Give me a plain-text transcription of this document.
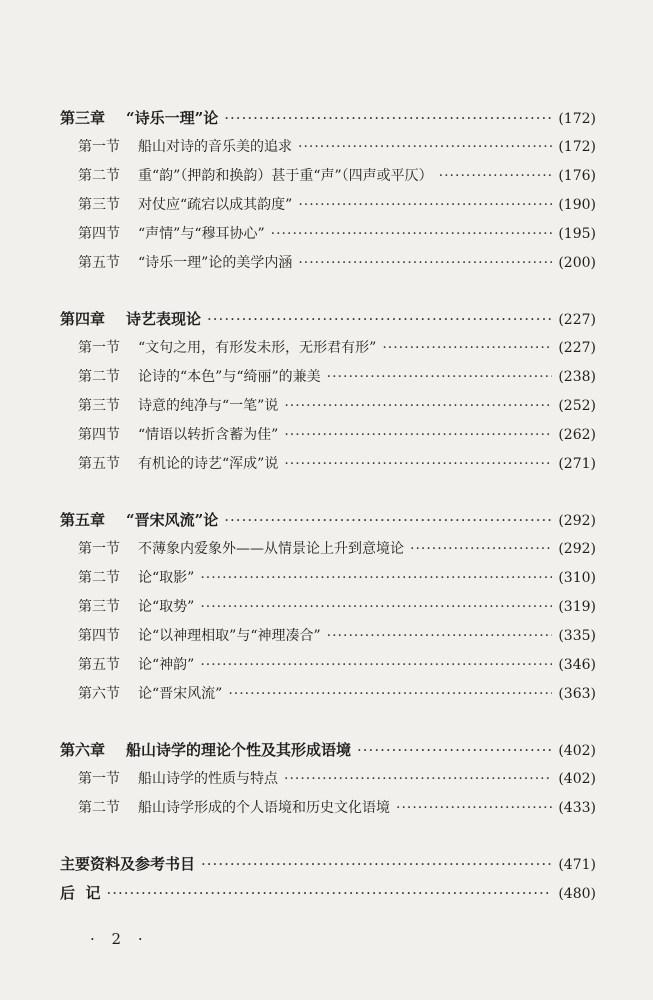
第三章	“诗乐一理”论 ·····	(172)
第一节	船山对诗的音乐美的追求 ·····	(172)
第二节	重“韵”（押韵和换韵）甚于重“声”（四声或平仄） ·····	(176)
第三节	对仗应“疏宕以成其韵度” ·····	(190)
第四节	“声情”与“穆耳协心” ·····	(195)
第五节	“诗乐一理”论的美学内涵 ·····	(200)
第四章	诗艺表现论 ·····	(227)
第一节	“文句之用，有形发未形，无形君有形” ·····	(227)
第二节	论诗的“本色”与“绮丽”的兼美 ·····	(238)
第三节	诗意的纯净与“一笔”说 ·····	(252)
第四节	“情语以转折含蓄为佳” ·····	(262)
第五节	有机论的诗艺“浑成”说 ·····	(271)
第五章	“晋宋风流”论 ·····	(292)
第一节	不薄象内爱象外——从情景论上升到意境论 ·····	(292)
第二节	论“取影” ·····	(310)
第三节	论“取势” ·····	(319)
第四节	论“以神理相取”与“神理凑合” ·····	(335)
第五节	论“神韵” ·····	(346)
第六节	论“晋宋风流” ·····	(363)
第六章	船山诗学的理论个性及其形成语境 ·····	(402)
第一节	船山诗学的性质与特点 ·····	(402)
第二节	船山诗学形成的个人语境和历史文化语境 ·····	(433)
主要资料及参考书目 ·····	(471)
后  记 ·····	(480)
· 2 ·
